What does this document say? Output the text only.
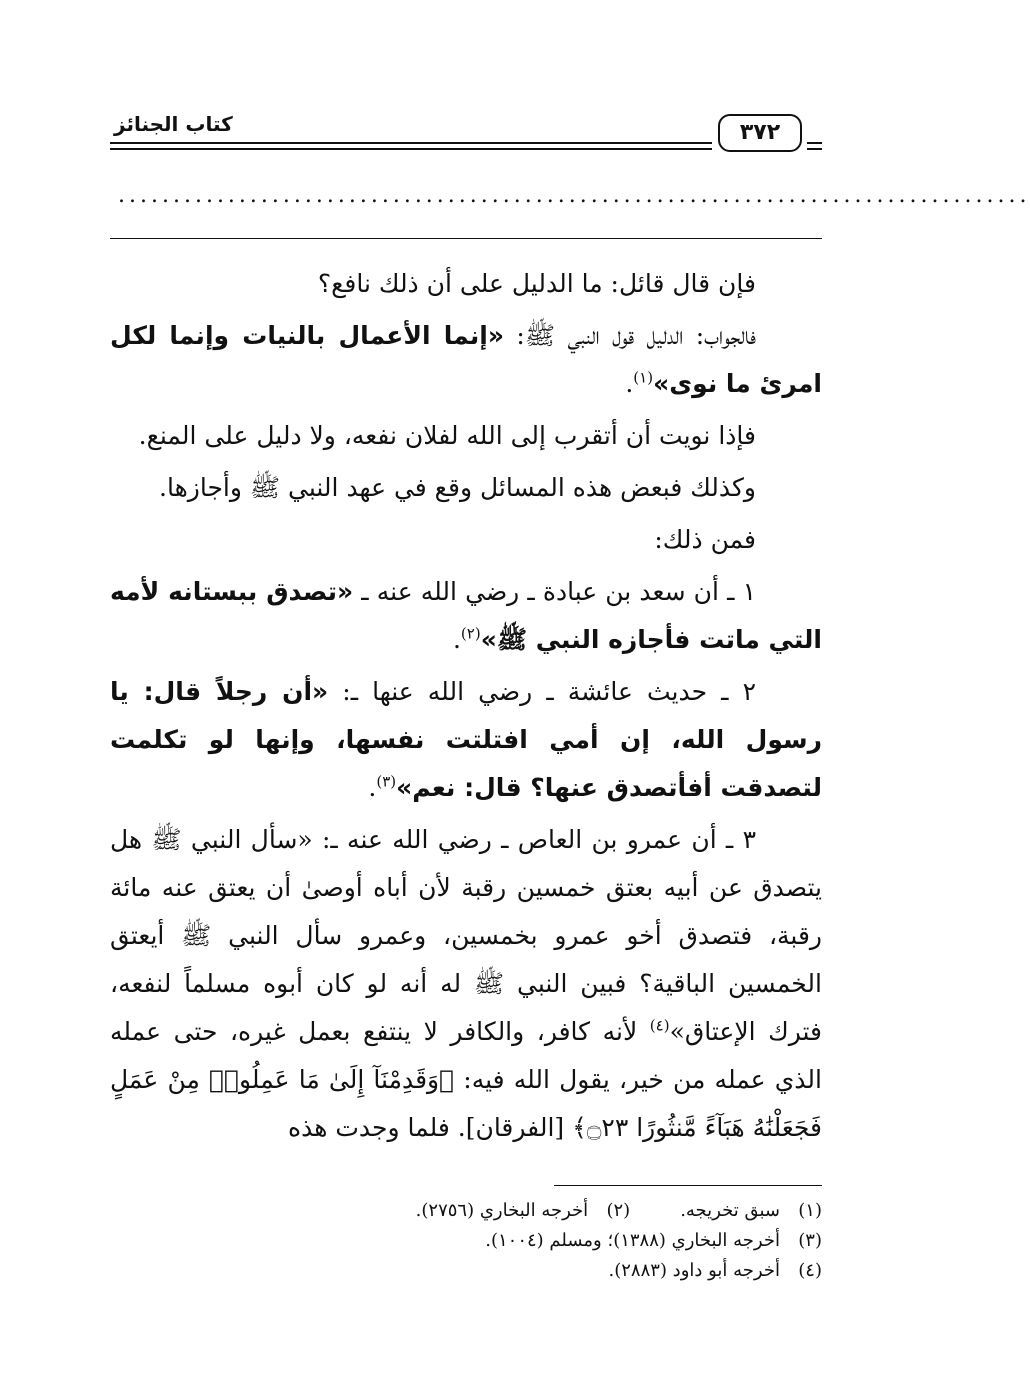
كتاب الجنائز	٣٧٢
...................................................................................

فإن قال قائل: ما الدليل على أن ذلك نافع؟

فالجواب: الدليل قول النبي ﷺ: «إنما الأعمال بالنيات وإنما لكل امرئ ما نوى»$^{(١)}$.

فإذا نويت أن أتقرب إلى الله لفلان نفعه، ولا دليل على المنع.

وكذلك فبعض هذه المسائل وقع في عهد النبي ﷺ وأجازها.

فمن ذلك:

١ ـ أن سعد بن عبادة ـ رضي الله عنه ـ «تصدق ببستانه لأمه التي ماتت فأجازه النبي ﷺ»$^{(٢)}$.

٢ ـ حديث عائشة ـ رضي الله عنها ـ: «أن رجلاً قال: يا رسول الله، إن أمي افتلتت نفسها، وإنها لو تكلمت لتصدقت أفأتصدق عنها؟ قال: نعم»$^{(٣)}$.

٣ ـ أن عمرو بن العاص ـ رضي الله عنه ـ: «سأل النبي ﷺ هل يتصدق عن أبيه بعتق خمسين رقبة لأن أباه أوصىٰ أن يعتق عنه مائة رقبة، فتصدق أخو عمرو بخمسين، وعمرو سأل النبي ﷺ أيعتق الخمسين الباقية؟ فبين النبي ﷺ له أنه لو كان أبوه مسلماً لنفعه، فترك الإعتاق»$^{(٤)}$ لأنه كافر، والكافر لا ينتفع بعمل غيره، حتى عمله الذي عمله من خير، يقول الله فيه: ﴿وَقَدِمْنَآ إِلَىٰ مَا عَمِلُوا۟ مِنْ عَمَلٍ فَجَعَلْنَٰهُ هَبَآءً مَّنثُورًا ۝٢٣﴾ [الفرقان]. فلما وجدت هذه

(١)سبق تخريجه.(٢)أخرجه البخاري (٢٧٥٦).
(٣)أخرجه البخاري (١٣٨٨)؛ ومسلم (١٠٠٤).
(٤)أخرجه أبو داود (٢٨٨٣).
